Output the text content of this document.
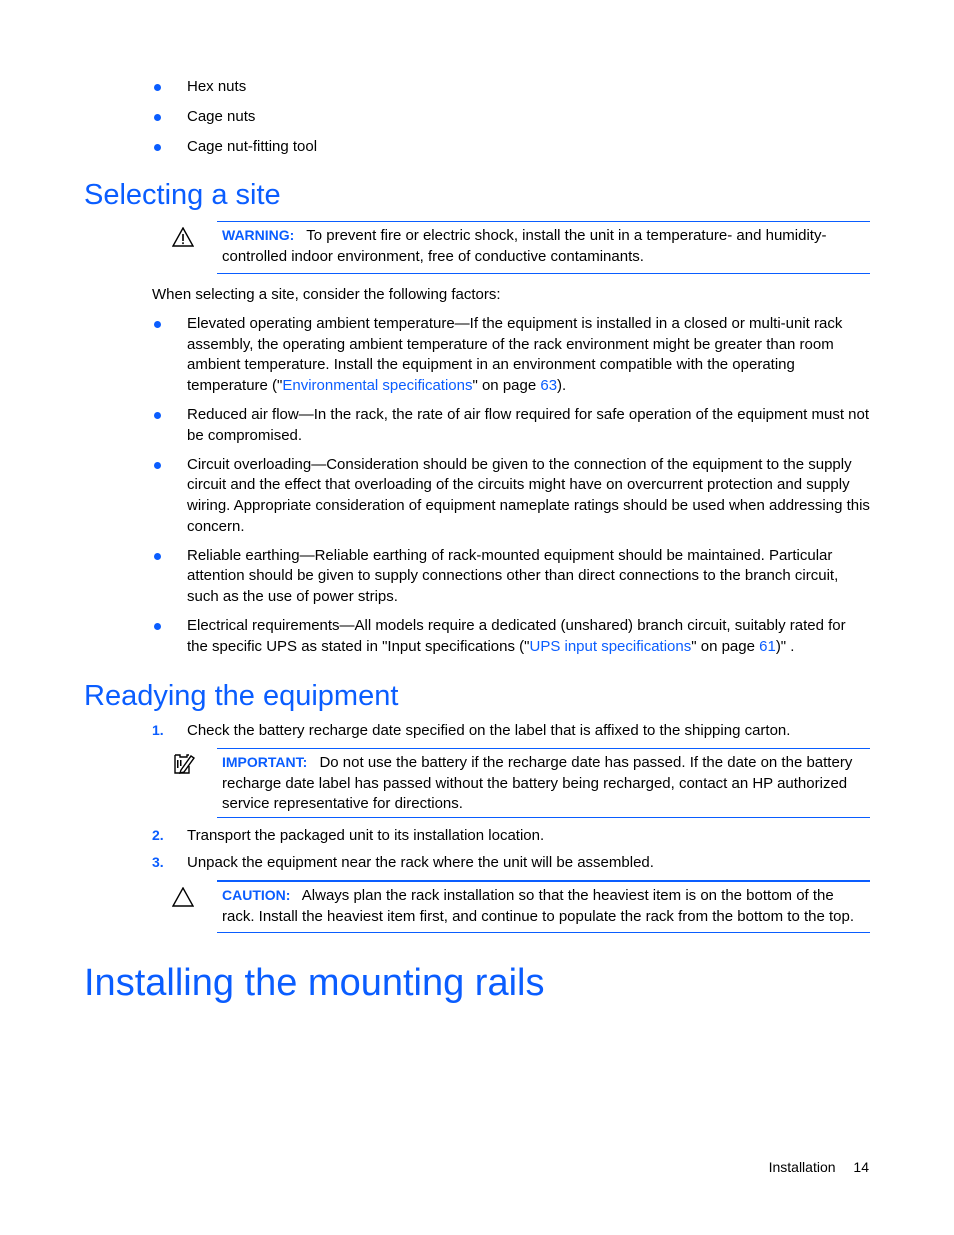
Hex nuts
Cage nuts
Cage nut-fitting tool
Selecting a site
WARNING: To prevent fire or electric shock, install the unit in a temperature- and humidity-controlled indoor environment, free of conductive contaminants.
When selecting a site, consider the following factors:
Elevated operating ambient temperature—If the equipment is installed in a closed or multi-unit rack assembly, the operating ambient temperature of the rack environment might be greater than room ambient temperature. Install the equipment in an environment compatible with the operating temperature ("Environmental specifications" on page 63).
Reduced air flow—In the rack, the rate of air flow required for safe operation of the equipment must not be compromised.
Circuit overloading—Consideration should be given to the connection of the equipment to the supply circuit and the effect that overloading of the circuits might have on overcurrent protection and supply wiring. Appropriate consideration of equipment nameplate ratings should be used when addressing this concern.
Reliable earthing—Reliable earthing of rack-mounted equipment should be maintained. Particular attention should be given to supply connections other than direct connections to the branch circuit, such as the use of power strips.
Electrical requirements—All models require a dedicated (unshared) branch circuit, suitably rated for the specific UPS as stated in "Input specifications ("UPS input specifications" on page 61)" .
Readying the equipment
1. Check the battery recharge date specified on the label that is affixed to the shipping carton.
IMPORTANT: Do not use the battery if the recharge date has passed. If the date on the battery recharge date label has passed without the battery being recharged, contact an HP authorized service representative for directions.
2. Transport the packaged unit to its installation location.
3. Unpack the equipment near the rack where the unit will be assembled.
CAUTION: Always plan the rack installation so that the heaviest item is on the bottom of the rack. Install the heaviest item first, and continue to populate the rack from the bottom to the top.
Installing the mounting rails
Installation 14
